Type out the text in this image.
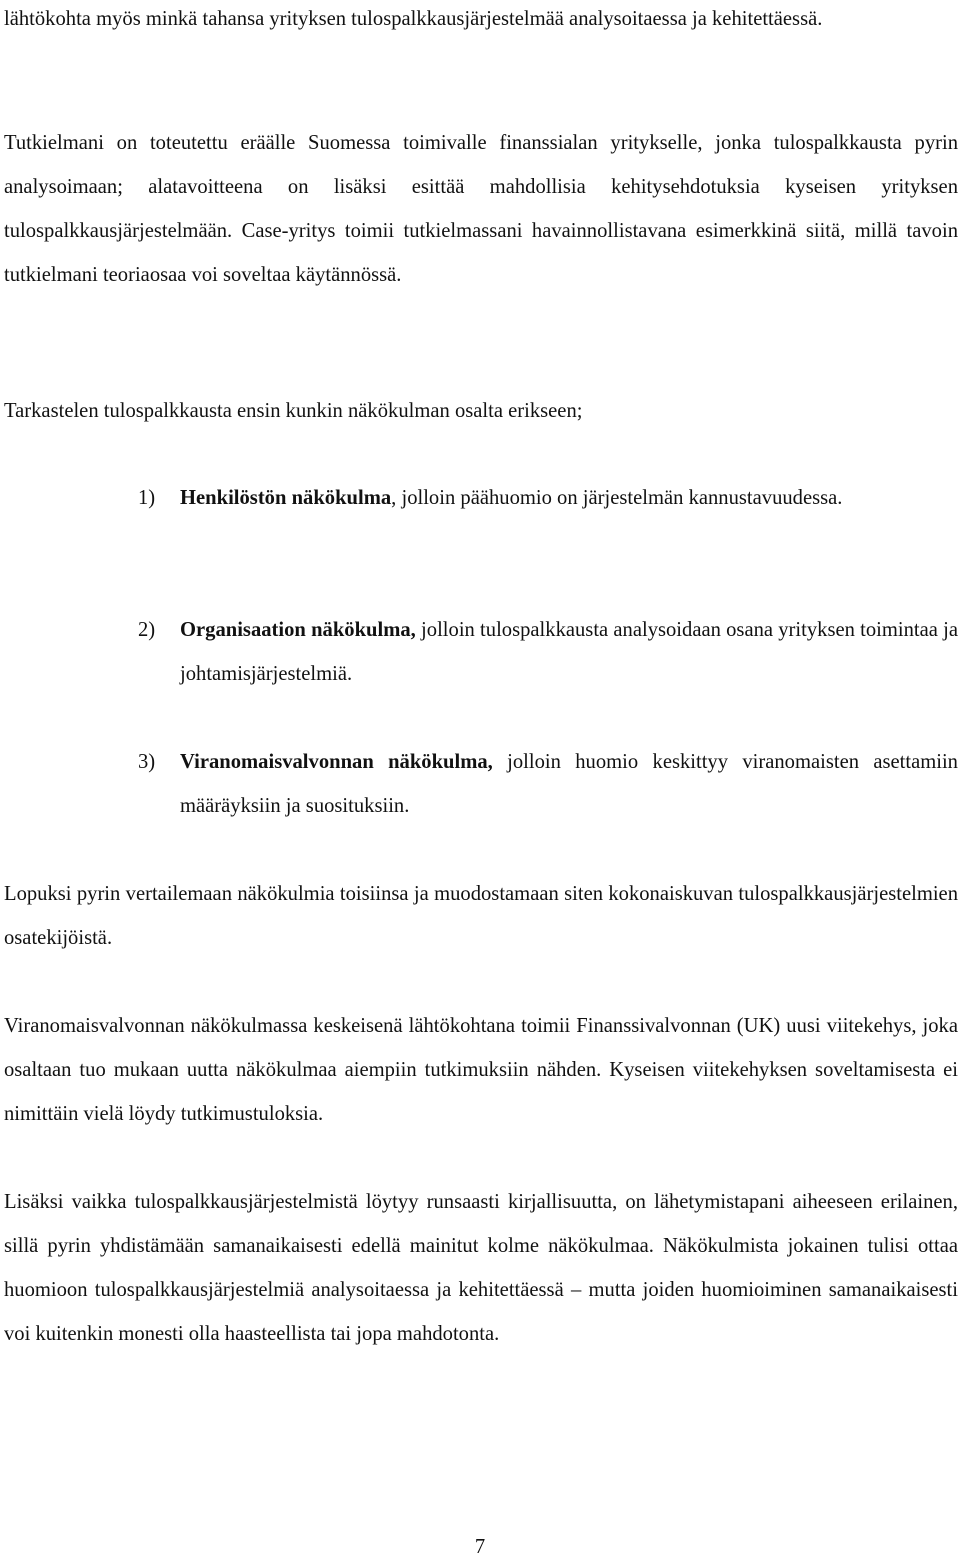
lähtökohta myös minkä tahansa yrityksen tulospalkkausjärjestelmää analysoitaessa ja kehitettäessä.

Tutkielmani on toteutettu eräälle Suomessa toimivalle finanssialan yritykselle, jonka tulospalkkausta pyrin analysoimaan; alatavoitteena on lisäksi esittää mahdollisia kehitysehdotuksia kyseisen yrityksen tulospalkkausjärjestelmään. Case-yritys toimii tutkielmassani havainnollistavana esimerkkinä siitä, millä tavoin tutkielmani teoriaosaa voi soveltaa käytännössä.

Tarkastelen tulospalkkausta ensin kunkin näkökulman osalta erikseen;

1) Henkilöstön näkökulma, jolloin päähuomio on järjestelmän kannustavuudessa.

2) Organisaation näkökulma, jolloin tulospalkkausta analysoidaan osana yrityksen toimintaa ja johtamisjärjestelmiä.

3) Viranomaisvalvonnan näkökulma, jolloin huomio keskittyy viranomaisten asettamiin määräyksiin ja suosituksiin.

Lopuksi pyrin vertailemaan näkökulmia toisiinsa ja muodostamaan siten kokonaiskuvan tulospalkkausjärjestelmien osatekijöistä.

Viranomaisvalvonnan näkökulmassa keskeisenä lähtökohtana toimii Finanssivalvonnan (UK) uusi viitekehys, joka osaltaan tuo mukaan uutta näkökulmaa aiempiin tutkimuksiin nähden. Kyseisen viitekehyksen soveltamisesta ei nimittäin vielä löydy tutkimustuloksia.

Lisäksi vaikka tulospalkkausjärjestelmistä löytyy runsaasti kirjallisuutta, on lähetymistapani aiheeseen erilainen, sillä pyrin yhdistämään samanaikaisesti edellä mainitut kolme näkökulmaa. Näkökulmista jokainen tulisi ottaa huomioon tulospalkkausjärjestelmiä analysoitaessa ja kehitettäessä – mutta joiden huomioiminen samanaikaisesti voi kuitenkin monesti olla haasteellista tai jopa mahdotonta.

7
